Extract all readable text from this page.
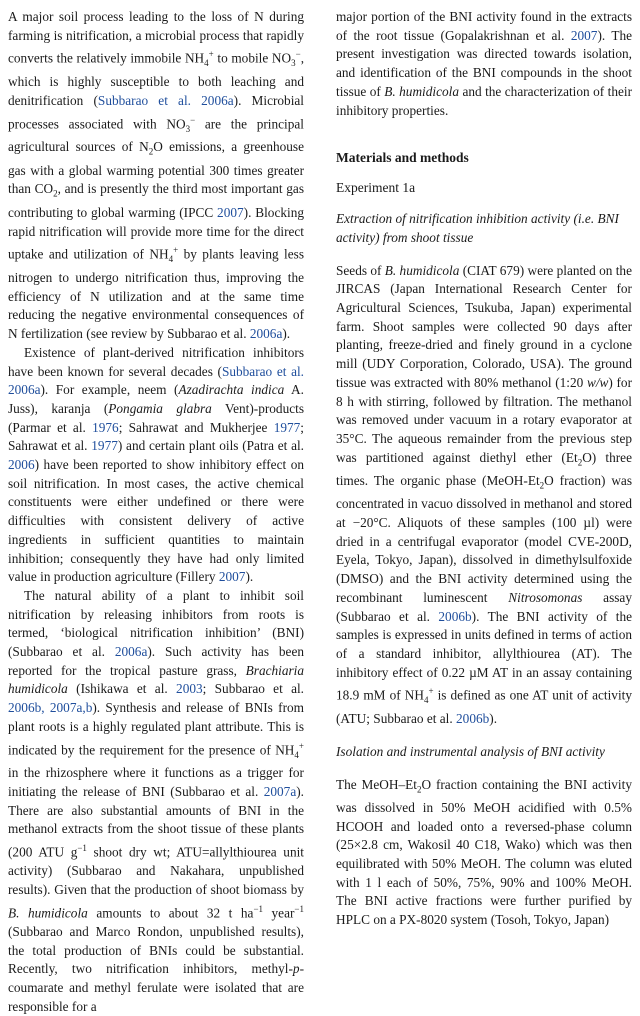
A major soil process leading to the loss of N during farming is nitrification, a microbial process that rapidly converts the relatively immobile $NH_4^+$ to mobile $NO_3^-$, which is highly susceptible to both leaching and denitrification (Subbarao et al. 2006a). Microbial processes associated with $NO_3^-$ are the principal agricultural sources of $N_2O$ emissions, a greenhouse gas with a global warming potential 300 times greater than $CO_2$, and is presently the third most important gas contributing to global warming (IPCC 2007). Blocking rapid nitrification will provide more time for the direct uptake and utilization of $NH_4^+$ by plants leaving less nitrogen to undergo nitrification thus, improving the efficiency of N utilization and at the same time reducing the negative environmental consequences of N fertilization (see review by Subbarao et al. 2006a).

Existence of plant-derived nitrification inhibitors have been known for several decades (Subbarao et al. 2006a). For example, neem (Azadirachta indica A. Juss), karanja (Pongamia glabra Vent)-products (Parmar et al. 1976; Sahrawat and Mukherjee 1977; Sahrawat et al. 1977) and certain plant oils (Patra et al. 2006) have been reported to show inhibitory effect on soil nitrification. In most cases, the active chemical constituents were either undefined or there were difficulties with consistent delivery of active ingredients in sufficient quantities to maintain inhibition; consequently they have had only limited value in production agriculture (Fillery 2007).

The natural ability of a plant to inhibit soil nitrification by releasing inhibitors from roots is termed, ‘biological nitrification inhibition’ (BNI) (Subbarao et al. 2006a). Such activity has been reported for the tropical pasture grass, Brachiaria humidicola (Ishikawa et al. 2003; Subbarao et al. 2006b, 2007a,b). Synthesis and release of BNIs from plant roots is a highly regulated plant attribute. This is indicated by the requirement for the presence of $NH_4^+$ in the rhizosphere where it functions as a trigger for initiating the release of BNI (Subbarao et al. 2007a). There are also substantial amounts of BNI in the methanol extracts from the shoot tissue of these plants (200 ATU $g^{-1}$ shoot dry wt; ATU=allylthiourea unit activity) (Subbarao and Nakahara, unpublished results). Given that the production of shoot biomass by B. humidicola amounts to about 32 t $ha^{-1}$ year$^{-1}$ (Subbarao and Marco Rondon, unpublished results), the total production of BNIs could be substantial. Recently, two nitrification inhibitors, methyl-p-coumarate and methyl ferulate were isolated that are responsible for a

major portion of the BNI activity found in the extracts of the root tissue (Gopalakrishnan et al. 2007). The present investigation was directed towards isolation, and identification of the BNI compounds in the shoot tissue of B. humidicola and the characterization of their inhibitory properties.

Materials and methods

Experiment 1a

Extraction of nitrification inhibition activity (i.e. BNI activity) from shoot tissue

Seeds of B. humidicola (CIAT 679) were planted on the JIRCAS (Japan International Research Center for Agricultural Sciences, Tsukuba, Japan) experimental farm. Shoot samples were collected 90 days after planting, freeze-dried and finely ground in a cyclone mill (UDY Corporation, Colorado, USA). The ground tissue was extracted with 80% methanol (1:20 w/w) for 8 h with stirring, followed by filtration. The methanol was removed under vacuum in a rotary evaporator at 35°C. The aqueous remainder from the previous step was partitioned against diethyl ether $(Et_2O)$ three times. The organic phase ($MeOH-Et_2O$ fraction) was concentrated in vacuo dissolved in methanol and stored at −20°C. Aliquots of these samples (100 µl) were dried in a centrifugal evaporator (model CVE-200D, Eyela, Tokyo, Japan), dissolved in dimethylsulfoxide (DMSO) and the BNI activity determined using the recombinant luminescent Nitrosomonas assay (Subbarao et al. 2006b). The BNI activity of the samples is expressed in units defined in terms of action of a standard inhibitor, allylthiourea (AT). The inhibitory effect of 0.22 µM AT in an assay containing 18.9 mM of $NH_4^+$ is defined as one AT unit of activity (ATU; Subbarao et al. 2006b).

Isolation and instrumental analysis of BNI activity

The MeOH–$Et_2O$ fraction containing the BNI activity was dissolved in 50% MeOH acidified with 0.5% HCOOH and loaded onto a reversed-phase column (25×2.8 cm, Wakosil 40 C18, Wako) which was then equilibrated with 50% MeOH. The column was eluted with 1 l each of 50%, 75%, 90% and 100% MeOH. The BNI active fractions were further purified by HPLC on a PX-8020 system (Tosoh, Tokyo, Japan)
